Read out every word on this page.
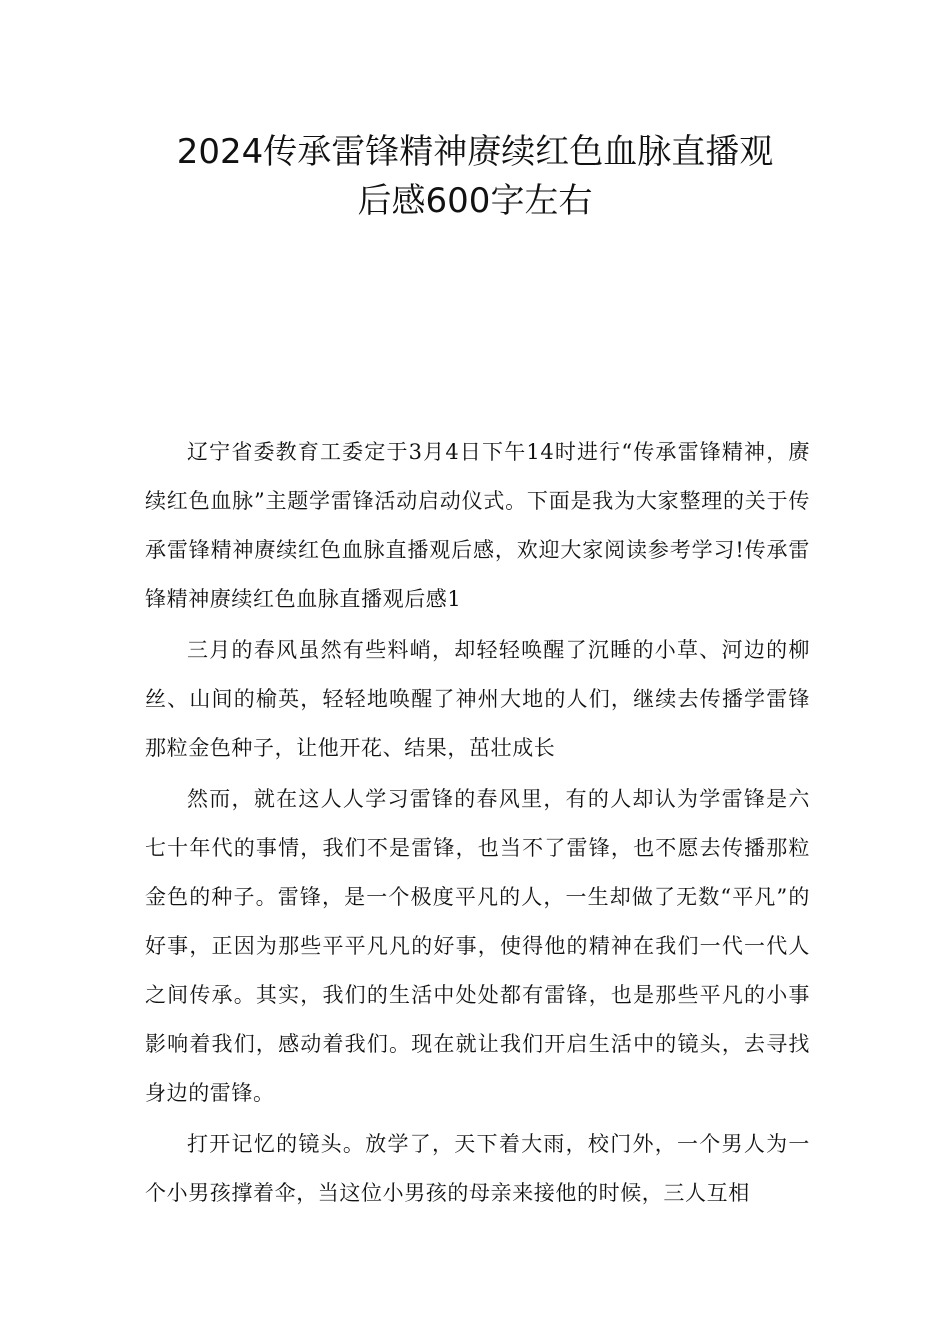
2024传承雷锋精神赓续红色血脉直播观
后感600字左右

辽宁省委教育工委定于3月4日下午14时进行“传承雷锋精神，赓续红色血脉”主题学雷锋活动启动仪式。下面是我为大家整理的关于传承雷锋精神赓续红色血脉直播观后感，欢迎大家阅读参考学习!传承雷锋精神赓续红色血脉直播观后感1

三月的春风虽然有些料峭，却轻轻唤醒了沉睡的小草、河边的柳丝、山间的榆英，轻轻地唤醒了神州大地的人们，继续去传播学雷锋那粒金色种子，让他开花、结果，茁壮成长

然而，就在这人人学习雷锋的春风里，有的人却认为学雷锋是六七十年代的事情，我们不是雷锋，也当不了雷锋，也不愿去传播那粒金色的种子。雷锋，是一个极度平凡的人，一生却做了无数“平凡”的好事，正因为那些平平凡凡的好事，使得他的精神在我们一代一代人之间传承。其实，我们的生活中处处都有雷锋，也是那些平凡的小事影响着我们，感动着我们。现在就让我们开启生活中的镜头，去寻找身边的雷锋。

打开记忆的镜头。放学了，天下着大雨，校门外，一个男人为一个小男孩撑着伞，当这位小男孩的母亲来接他的时候，三人互相
